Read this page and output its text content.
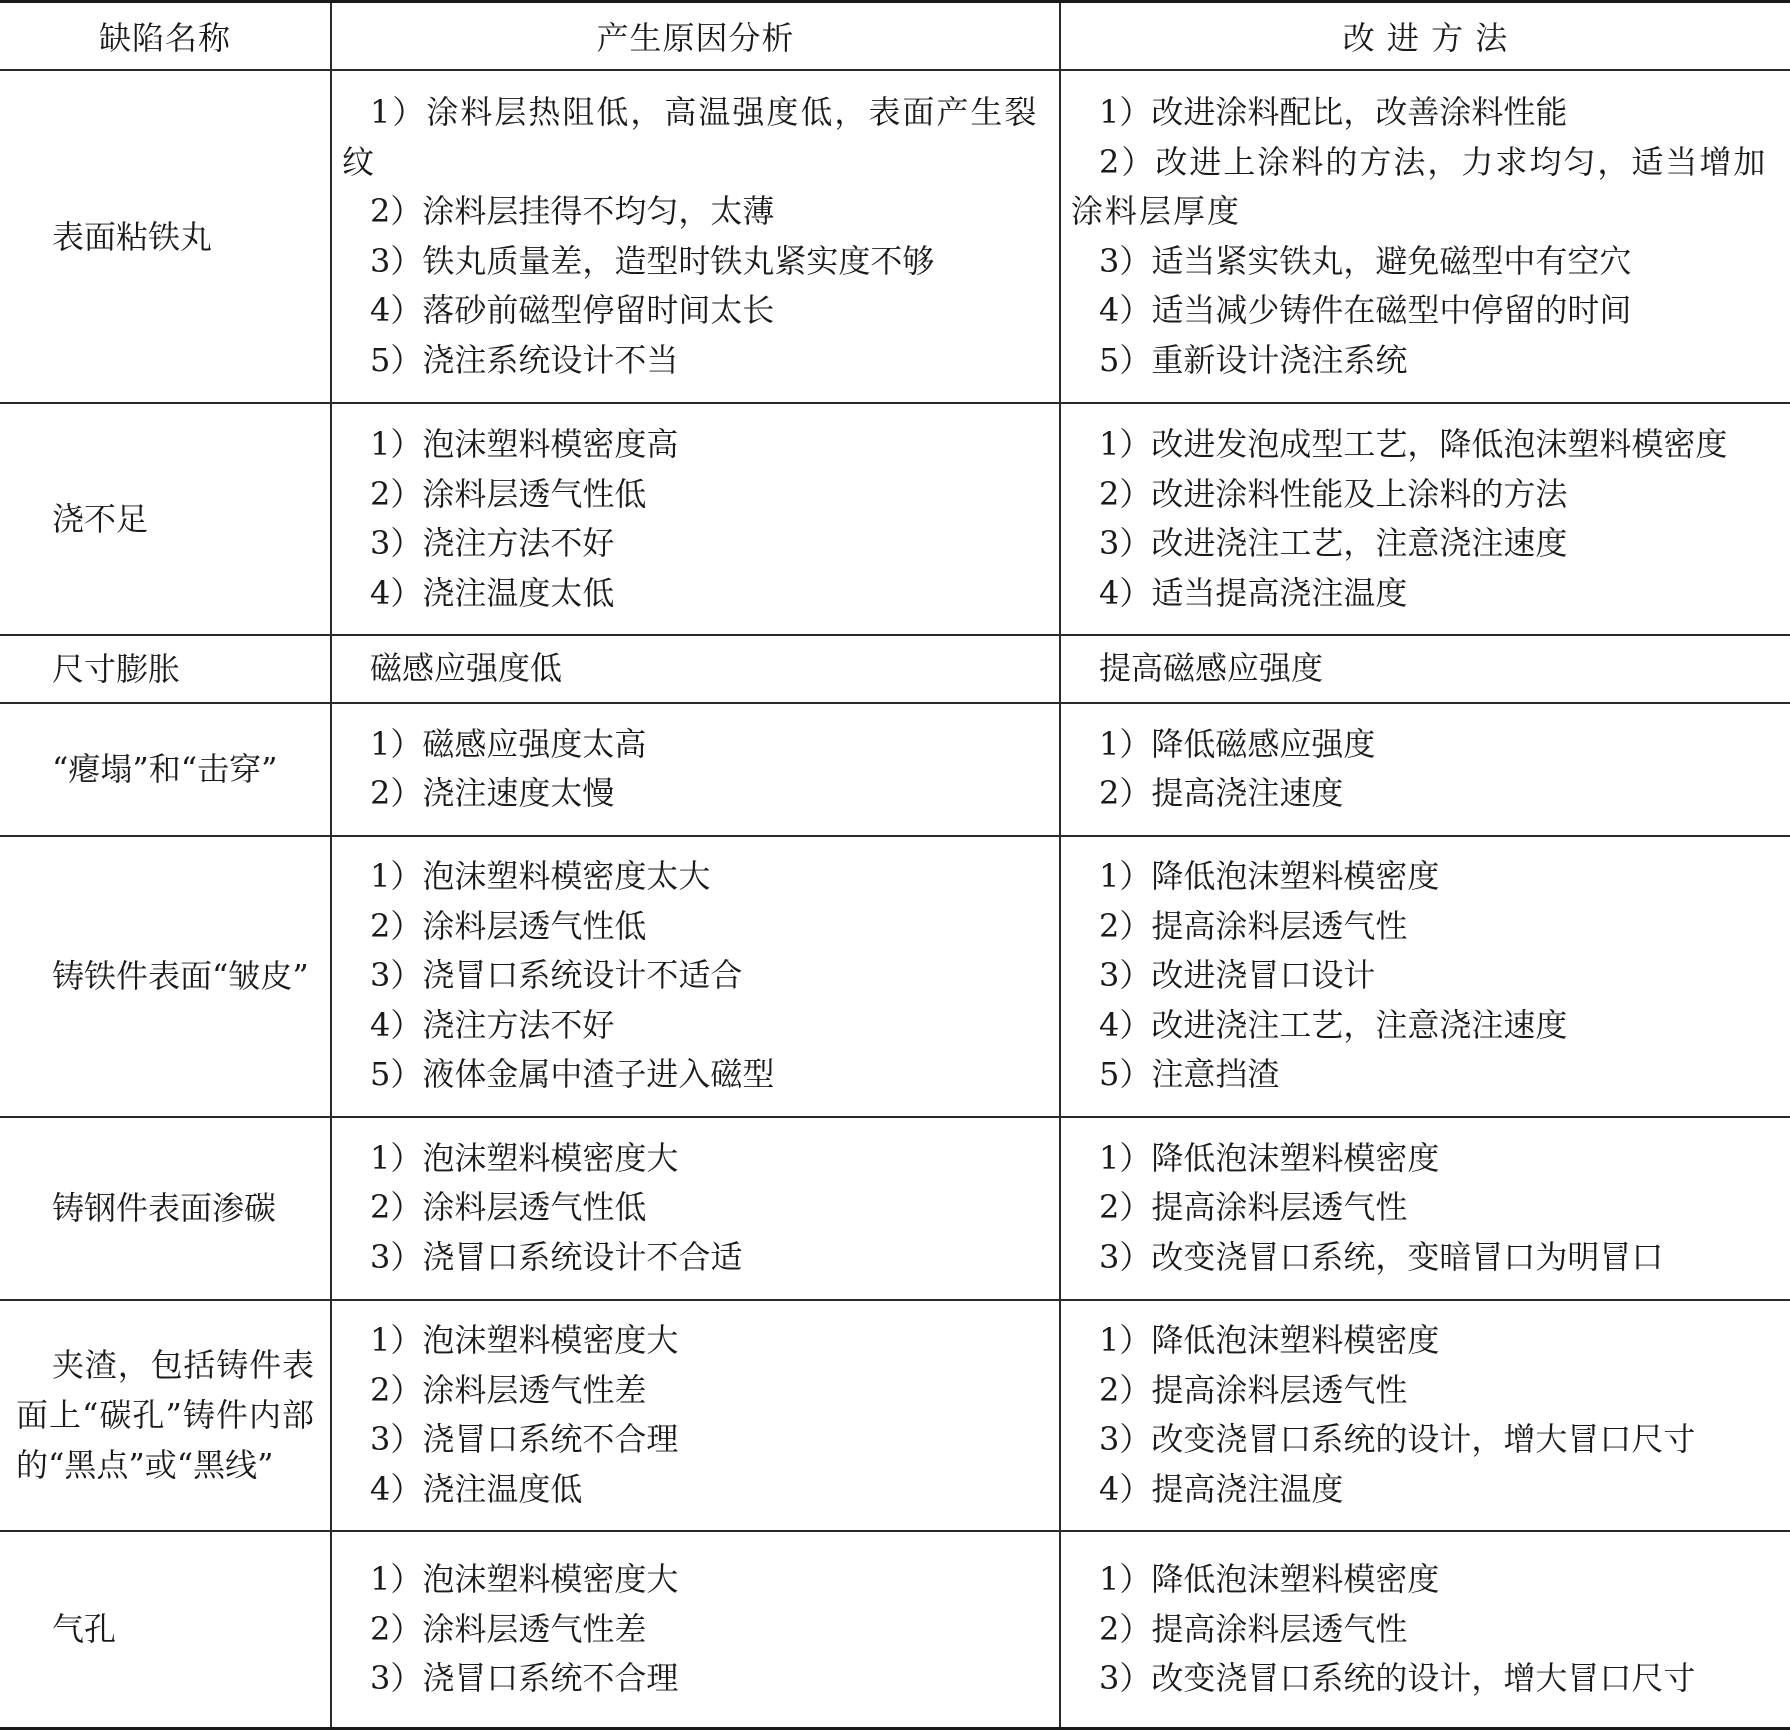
缺陷名称	产生原因分析	改 进 方 法

表面粘铁丸	1）涂料层热阻低，高温强度低，表面产生裂纹
2）涂料层挂得不均匀，太薄
3）铁丸质量差，造型时铁丸紧实度不够
4）落砂前磁型停留时间太长
5）浇注系统设计不当	1）改进涂料配比，改善涂料性能
2）改进上涂料的方法，力求均匀，适当增加涂料层厚度
3）适当紧实铁丸，避免磁型中有空穴
4）适当减少铸件在磁型中停留的时间
5）重新设计浇注系统

浇不足	1）泡沫塑料模密度高
2）涂料层透气性低
3）浇注方法不好
4）浇注温度太低	1）改进发泡成型工艺，降低泡沫塑料模密度
2）改进涂料性能及上涂料的方法
3）改进浇注工艺，注意浇注速度
4）适当提高浇注温度

尺寸膨胀	磁感应强度低	提高磁感应强度

“瘪塌”和“击穿”	1）磁感应强度太高
2）浇注速度太慢	1）降低磁感应强度
2）提高浇注速度

铸铁件表面“皱皮”	1）泡沫塑料模密度太大
2）涂料层透气性低
3）浇冒口系统设计不适合
4）浇注方法不好
5）液体金属中渣子进入磁型	1）降低泡沫塑料模密度
2）提高涂料层透气性
3）改进浇冒口设计
4）改进浇注工艺，注意浇注速度
5）注意挡渣

铸钢件表面渗碳	1）泡沫塑料模密度大
2）涂料层透气性低
3）浇冒口系统设计不合适	1）降低泡沫塑料模密度
2）提高涂料层透气性
3）改变浇冒口系统，变暗冒口为明冒口

夹渣，包括铸件表面上“碳孔”铸件内部的“黑点”或“黑线”	1）泡沫塑料模密度大
2）涂料层透气性差
3）浇冒口系统不合理
4）浇注温度低	1）降低泡沫塑料模密度
2）提高涂料层透气性
3）改变浇冒口系统的设计，增大冒口尺寸
4）提高浇注温度

气孔	1）泡沫塑料模密度大
2）涂料层透气性差
3）浇冒口系统不合理	1）降低泡沫塑料模密度
2）提高涂料层透气性
3）改变浇冒口系统的设计，增大冒口尺寸
